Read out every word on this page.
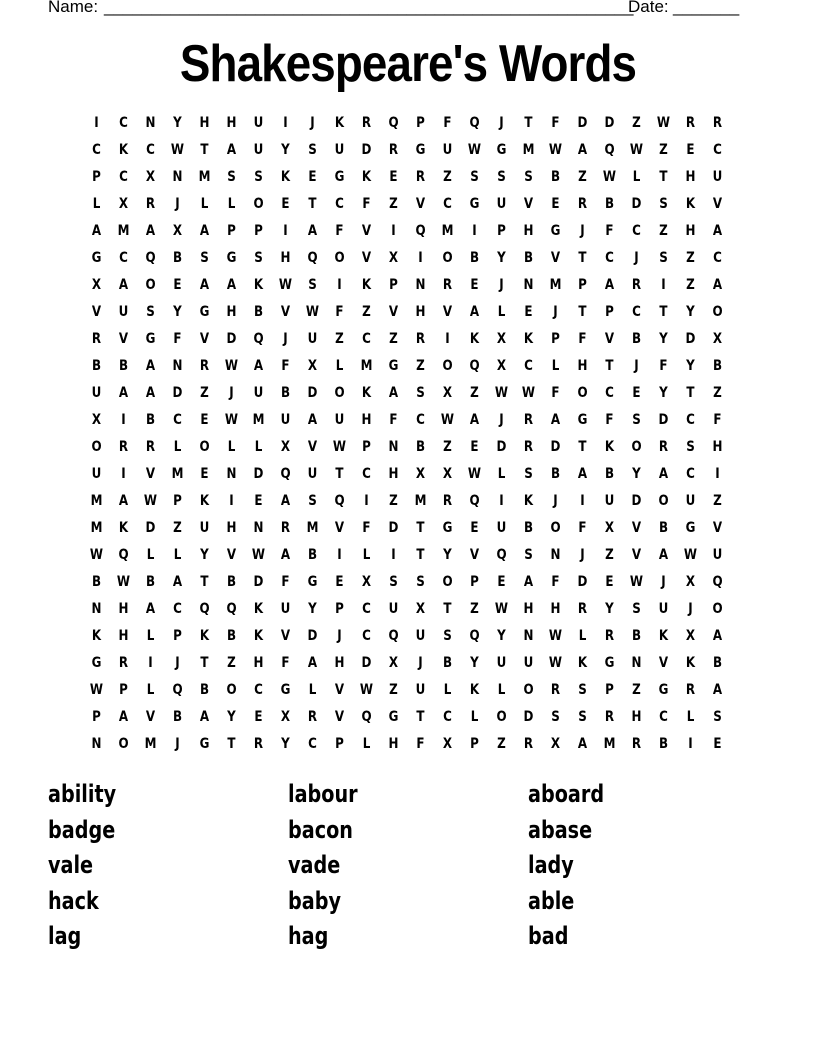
Name: ________________________________________________________
Date: _______
Shakespeare's Words
I	C	N	Y	H	H	U	I	J	K	R	Q	P	F	Q	J	T	F	D	D	Z	W	R	R
C	K	C	W	T	A	U	Y	S	U	D	R	G	U	W	G	M	W	A	Q	W	Z	E	C
P	C	X	N	M	S	S	K	E	G	K	E	R	Z	S	S	S	B	Z	W	L	T	H	U
L	X	R	J	L	L	O	E	T	C	F	Z	V	C	G	U	V	E	R	B	D	S	K	V
A	M	A	X	A	P	P	I	A	F	V	I	Q	M	I	P	H	G	J	F	C	Z	H	A
G	C	Q	B	S	G	S	H	Q	O	V	X	I	O	B	Y	B	V	T	C	J	S	Z	C
X	A	O	E	A	A	K	W	S	I	K	P	N	R	E	J	N	M	P	A	R	I	Z	A
V	U	S	Y	G	H	B	V	W	F	Z	V	H	V	A	L	E	J	T	P	C	T	Y	O
R	V	G	F	V	D	Q	J	U	Z	C	Z	R	I	K	X	K	P	F	V	B	Y	D	X
B	B	A	N	R	W	A	F	X	L	M	G	Z	O	Q	X	C	L	H	T	J	F	Y	B
U	A	A	D	Z	J	U	B	D	O	K	A	S	X	Z	W W	F	O	C	E	Y	T	Z
X	I	B	C	E	W	M	U	A	U	H	F	C	W	A	J	R	A	G	F	S	D	C	F
O	R	R	L	O	L	L	X	V	W	P	N	B	Z	E	D	R	D	T	K	O	R	S	H
U	I	V	M	E	N	D	Q	U	T	C	H	X	X	W	L	S	B	A	B	Y	A	C	I
M	A	W	P	K	I	E	A	S	Q	I	Z	M	R	Q	I	K	J	I	U	D	O	U	Z
M	K	D	Z	U	H	N	R	M	V	F	D	T	G	E	U	B	O	F	X	V	B	G	V
W	Q	L	L	Y	V	W	A	B	I	L	I	T	Y	V	Q	S	N	J	Z	V	A	W	U
B	W	B	A	T	B	D	F	G	E	X	S	S	O	P	E	A	F	D	E	W	J	X	Q
N	H	A	C	Q	Q	K	U	Y	P	C	U	X	T	Z	W	H	H	R	Y	S	U	J	O
K	H	L	P	K	B	K	V	D	J	C	Q	U	S	Q	Y	N	W	L	R	B	K	X	A
G	R	I	J	T	Z	H	F	A	H	D	X	J	B	Y	U	U	W	K	G	N	V	K	B
W	P	L	Q	B	O	C	G	L	V	W	Z	U	L	K	L	O	R	S	P	Z	G	R	A
P	A	V	B	A	Y	E	X	R	V	Q	G	T	C	L	O	D	S	S	R	H	C	L	S
N	O	M	J	G	T	R	Y	C	P	L	H	F	X	P	Z	R	X	A	M	R	B	I	E
ability
badge
vale
hack
lag
labour
bacon
vade
baby
hag
aboard
abase
lady
able
bad
